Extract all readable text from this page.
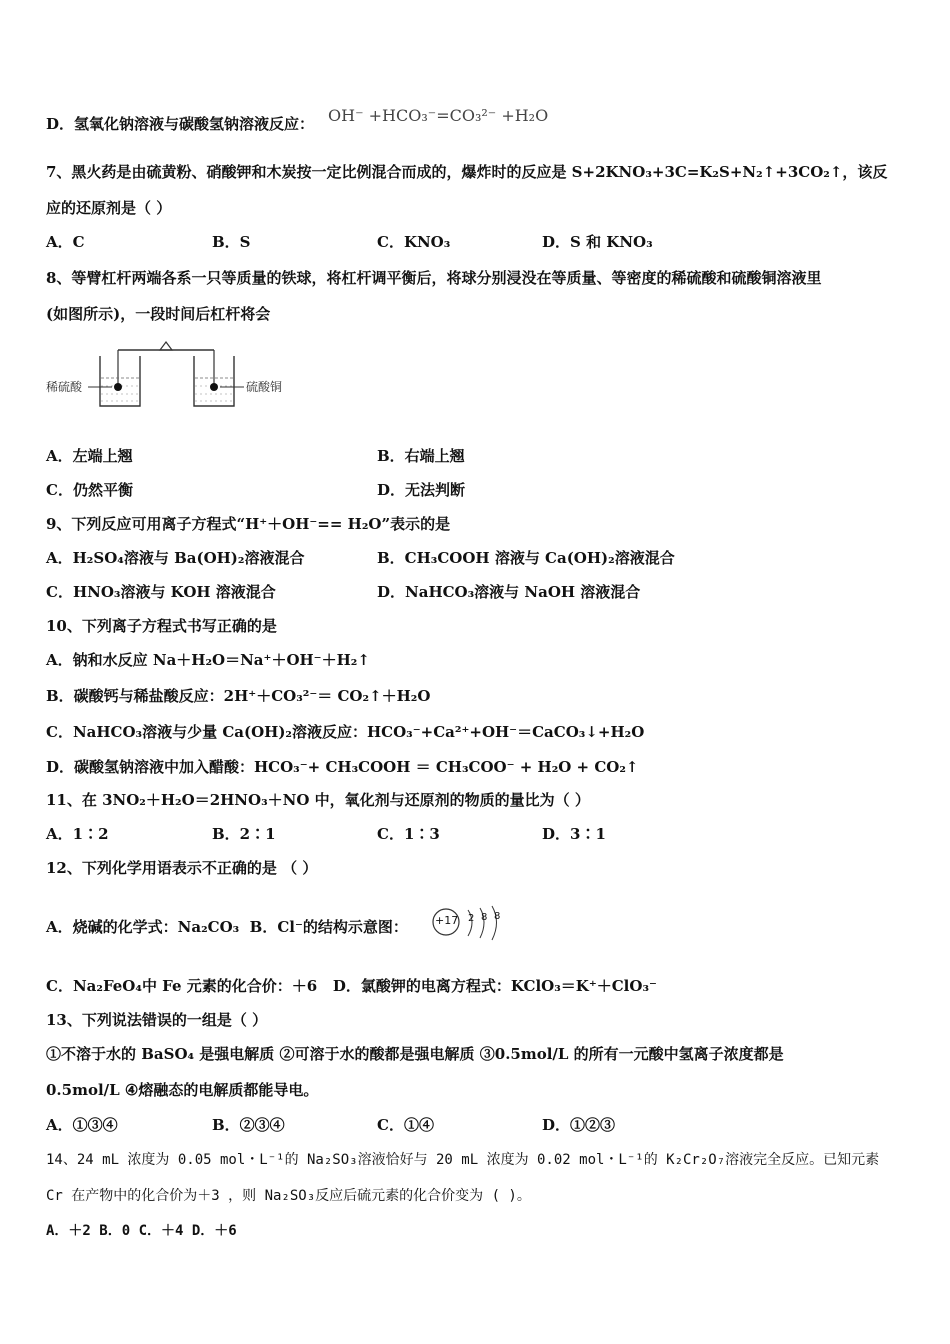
D．氢氧化钠溶液与碳酸氢钠溶液反应： OH⁻ +HCO₃⁻=CO₃²⁻ +H₂O
7、黑火药是由硫黄粉、硝酸钾和木炭按一定比例混合而成的，爆炸时的反应是 S+2KNO₃+3C=K₂S+N₂↑+3CO₂↑，该反
应的还原剂是（ ）
A．C	B．S	C．KNO₃	D．S 和 KNO₃
8、等臂杠杆两端各系一只等质量的铁球，将杠杆调平衡后，将球分别浸没在等质量、等密度的稀硫酸和硫酸铜溶液里
(如图所示)，一段时间后杠杆将会
稀硫酸	硫酸铜
A．左端上翘	B．右端上翘
C．仍然平衡	D．无法判断
9、下列反应可用离子方程式“H⁺＋OH⁻== H₂O”表示的是
A．H₂SO₄溶液与 Ba(OH)₂溶液混合	B．CH₃COOH 溶液与 Ca(OH)₂溶液混合
C．HNO₃溶液与 KOH 溶液混合	D．NaHCO₃溶液与 NaOH 溶液混合
10、下列离子方程式书写正确的是
A．钠和水反应 Na＋H₂O＝Na⁺＋OH⁻＋H₂↑
B．碳酸钙与稀盐酸反应：2H⁺＋CO₃²⁻＝ CO₂↑＋H₂O
C．NaHCO₃溶液与少量 Ca(OH)₂溶液反应：HCO₃⁻+Ca²⁺+OH⁻＝CaCO₃↓+H₂O
D．碳酸氢钠溶液中加入醋酸：HCO₃⁻+ CH₃COOH ＝ CH₃COO⁻ + H₂O + CO₂↑
11、在 3NO₂＋H₂O＝2HNO₃＋NO 中，氧化剂与还原剂的物质的量比为（ ）
A．1∶2	B．2∶1	C．1∶3	D．3∶1
12、下列化学用语表示不正确的是 （ ）
A．烧碱的化学式：Na₂CO₃ B．Cl⁻的结构示意图： +17 2 8 8
C．Na₂FeO₄中 Fe 元素的化合价：＋6 D．氯酸钾的电离方程式：KClO₃＝K⁺＋ClO₃⁻
13、下列说法错误的一组是（ ）
①不溶于水的 BaSO₄ 是强电解质 ②可溶于水的酸都是强电解质 ③0.5mol/L 的所有一元酸中氢离子浓度都是
0.5mol/L ④熔融态的电解质都能导电。
A．①③④	B．②③④	C．①④	D．①②③
14、24 mL 浓度为 0.05 mol・L⁻¹的 Na₂SO₃溶液恰好与 20 mL 浓度为 0.02 mol・L⁻¹的 K₂Cr₂O₇溶液完全反应。已知元素
Cr 在产物中的化合价为＋3 ，则 Na₂SO₃反应后硫元素的化合价变为 ( )。
A．＋2 B．0 C．＋4 D．＋6
